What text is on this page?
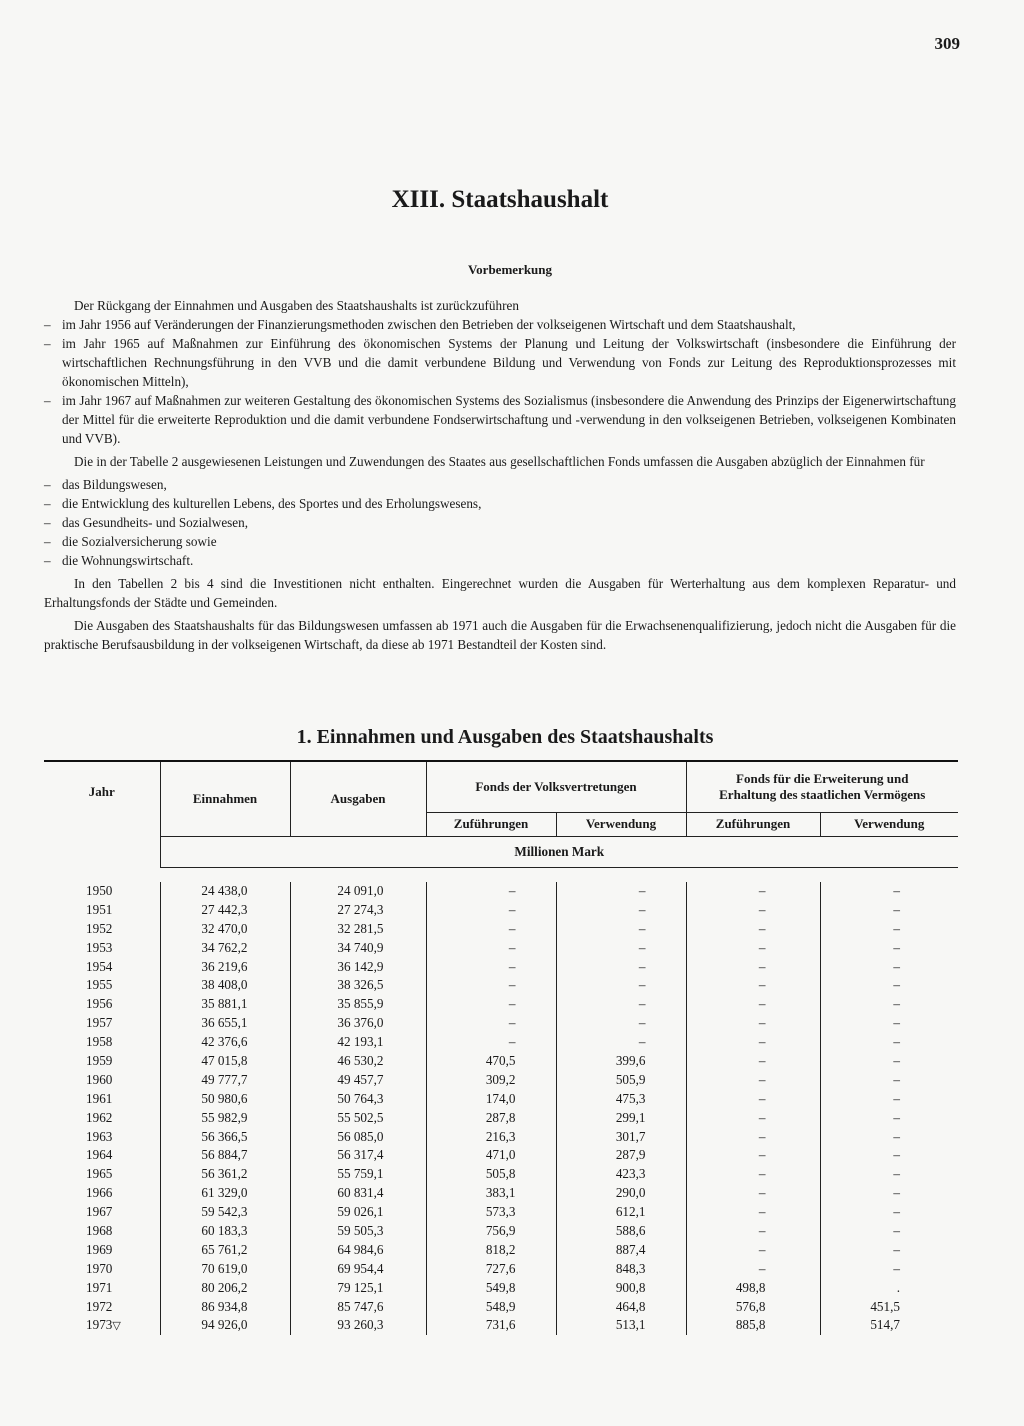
309
XIII. Staatshaushalt
Vorbemerkung

Der Rückgang der Einnahmen und Ausgaben des Staatshaushalts ist zurückzuführen

– im Jahr 1956 auf Veränderungen der Finanzierungsmethoden zwischen den Betrieben der volkseigenen Wirtschaft und dem Staatshaushalt,
– im Jahr 1965 auf Maßnahmen zur Einführung des ökonomischen Systems der Planung und Leitung der Volkswirtschaft (insbesondere die Einführung der wirtschaftlichen Rechnungsführung in den VVB und die damit verbundene Bildung und Verwendung von Fonds zur Leitung des Reproduktionsprozesses mit ökonomischen Mitteln),
– im Jahr 1967 auf Maßnahmen zur weiteren Gestaltung des ökonomischen Systems des Sozialismus (insbesondere die Anwendung des Prinzips der Eigenerwirtschaftung der Mittel für die erweiterte Reproduktion und die damit verbundene Fondserwirtschaftung und -verwendung in den volkseigenen Betrieben, volkseigenen Kombinaten und VVB).

Die in der Tabelle 2 ausgewiesenen Leistungen und Zuwendungen des Staates aus gesellschaftlichen Fonds umfassen die Ausgaben abzüglich der Einnahmen für

– das Bildungswesen,
– die Entwicklung des kulturellen Lebens, des Sportes und des Erholungswesens,
– das Gesundheits- und Sozialwesen,
– die Sozialversicherung sowie
– die Wohnungswirtschaft.

In den Tabellen 2 bis 4 sind die Investitionen nicht enthalten. Eingerechnet wurden die Ausgaben für Werterhaltung aus dem komplexen Reparatur- und Erhaltungsfonds der Städte und Gemeinden.

Die Ausgaben des Staatshaushalts für das Bildungswesen umfassen ab 1971 auch die Ausgaben für die Erwachsenenqualifizierung, jedoch nicht die Ausgaben für die praktische Berufsausbildung in der volkseigenen Wirtschaft, da diese ab 1971 Bestandteil der Kosten sind.

1. Einnahmen und Ausgaben des Staatshaushalts

Jahr	Einnahmen	Ausgaben	Fonds der Volksvertretungen		Fonds für die Erweiterung und Erhaltung des staatlichen Vermögens	
			Zuführungen	Verwendung	Zuführungen	Verwendung
	Millionen Mark					

1950	24 438,0	24 091,0	–	–	–	–
1951	27 442,3	27 274,3	–	–	–	–
1952	32 470,0	32 281,5	–	–	–	–
1953	34 762,2	34 740,9	–	–	–	–
1954	36 219,6	36 142,9	–	–	–	–
1955	38 408,0	38 326,5	–	–	–	–
1956	35 881,1	35 855,9	–	–	–	–
1957	36 655,1	36 376,0	–	–	–	–
1958	42 376,6	42 193,1	–	–	–	–
1959	47 015,8	46 530,2	470,5	399,6	–	–
1960	49 777,7	49 457,7	309,2	505,9	–	–
1961	50 980,6	50 764,3	174,0	475,3	–	–
1962	55 982,9	55 502,5	287,8	299,1	–	–
1963	56 366,5	56 085,0	216,3	301,7	–	–
1964	56 884,7	56 317,4	471,0	287,9	–	–
1965	56 361,2	55 759,1	505,8	423,3	–	–
1966	61 329,0	60 831,4	383,1	290,0	–	–
1967	59 542,3	59 026,1	573,3	612,1	–	–
1968	60 183,3	59 505,3	756,9	588,6	–	–
1969	65 761,2	64 984,6	818,2	887,4	–	–
1970	70 619,0	69 954,4	727,6	848,3	–	–
1971	80 206,2	79 125,1	549,8	900,8	498,8	.
1972	86 934,8	85 747,6	548,9	464,8	576,8	451,5
1973▽	94 926,0	93 260,3	731,6	513,1	885,8	514,7
